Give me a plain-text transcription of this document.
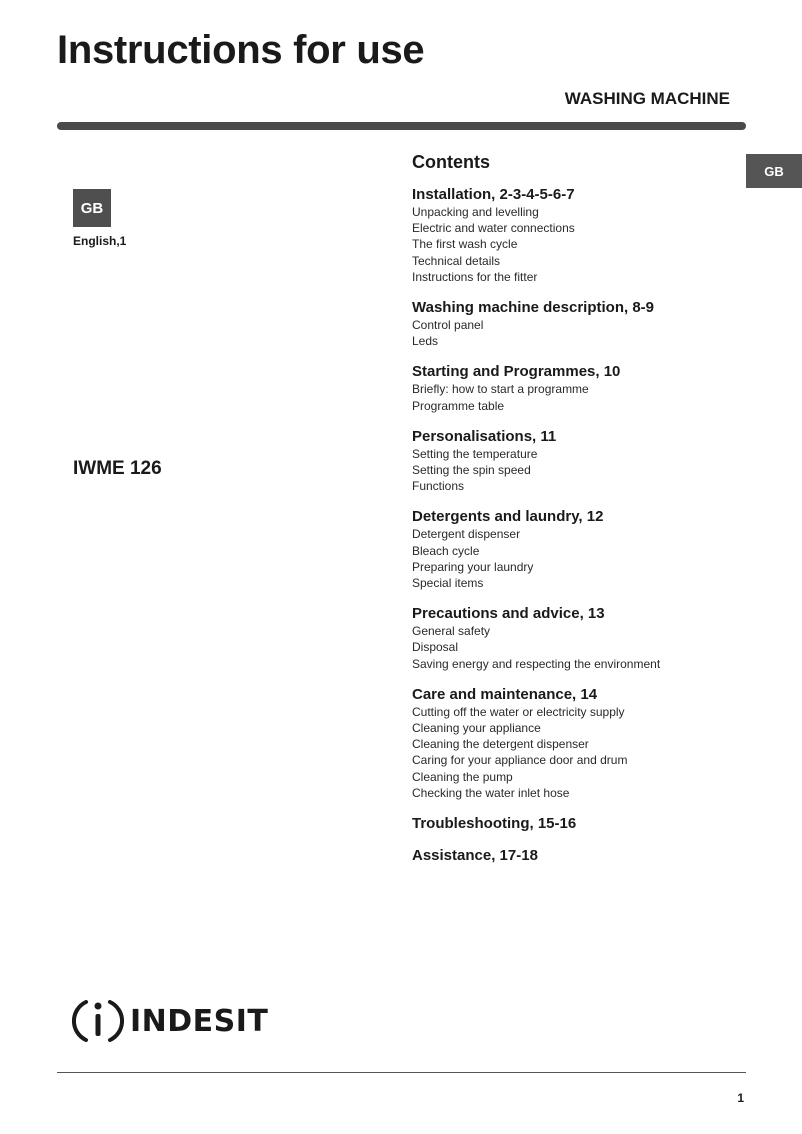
Instructions for use
WASHING MACHINE
GB
GB
English,1
IWME 126
Contents
Installation, 2-3-4-5-6-7
Unpacking and levelling
Electric and water connections
The first wash cycle
Technical details
Instructions for the fitter
Washing machine description, 8-9
Control panel
Leds
Starting and Programmes, 10
Briefly: how to start a programme
Programme table
Personalisations, 11
Setting the temperature
Setting the spin speed
Functions
Detergents and laundry, 12
Detergent dispenser
Bleach cycle
Preparing your laundry
Special items
Precautions and advice, 13
General safety
Disposal
Saving energy and respecting the environment
Care and maintenance, 14
Cutting off the water or electricity supply
Cleaning your appliance
Cleaning the detergent dispenser
Caring for your appliance door and drum
Cleaning the pump
Checking the water inlet hose
Troubleshooting, 15-16
Assistance, 17-18
INDESIT
1
